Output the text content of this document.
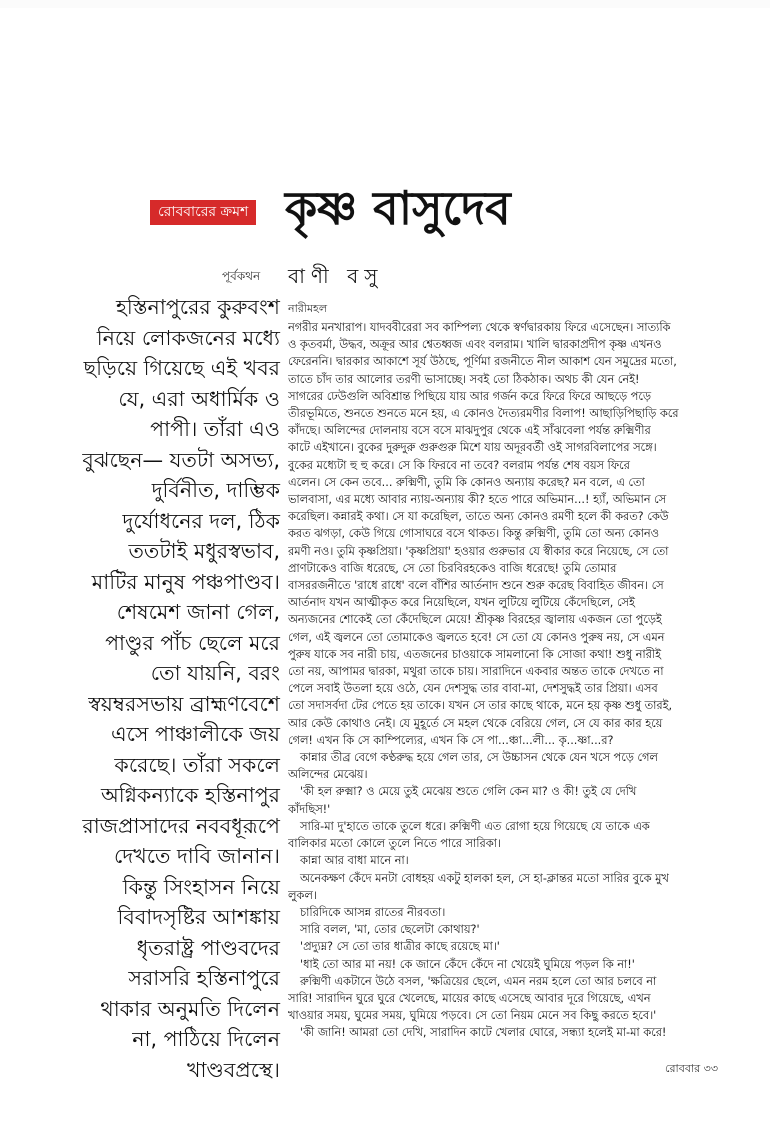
রোববারের ক্রমশ কৃষ্ণ বাসুদেব
পূর্বকথন বাণী বসু
নারীমহল

হস্তিনাপুরের কুরুবংশ

নিয়ে লোকজনের মধ্যে

ছড়িয়ে গিয়েছে এই খবর

যে, এরা অধার্মিক ও

পাপী। তাঁরা এও

বুঝছেন— যতটা অসভ্য,

দুর্বিনীত, দাম্ভিক

দুর্যোধনের দল, ঠিক

ততটাই মধুরস্বভাব,

মাটির মানুষ পঞ্চপাণ্ডব।

শেষমেশ জানা গেল,

পাণ্ডুর পাঁচ ছেলে মরে

তো যায়নি, বরং

স্বয়ম্বরসভায় ব্রাহ্মণবেশে

এসে পাঞ্চালীকে জয়

করেছে। তাঁরা সকলে

অগ্নিকন্যাকে হস্তিনাপুর

রাজপ্রাসাদের নববধূরূপে

দেখতে দাবি জানান।

কিন্তু সিংহাসন নিয়ে

বিবাদসৃষ্টির আশঙ্কায়

ধৃতরাষ্ট্র পাণ্ডবদের

সরাসরি হস্তিনাপুরে

থাকার অনুমতি দিলেন

না, পাঠিয়ে দিলেন

খাণ্ডবপ্রস্থে।

নগরীর মনখারাপ। যাদববীরেরা সব কাম্পিল্য থেকে স্বর্ণদ্বারকায় ফিরে এসেছেন। সাত্যকি

ও কৃতবর্মা, উদ্ধব, অক্রূর আর শ্বেতধ্বজ এবং বলরাম। খালি দ্বারকাপ্রদীপ কৃষ্ণ এখনও

ফেরেননি। দ্বারকার আকাশে সূর্য উঠছে, পূর্ণিমা রজনীতে নীল আকাশ যেন সমুদ্রের মতো,

তাতে চাঁদ তার আলোর তরণী ভাসাচ্ছে। সবই তো ঠিকঠাক। অথচ কী যেন নেই!

সাগরের ঢেউগুলি অবিশ্রান্ত পিছিয়ে যায় আর গর্জন করে ফিরে ফিরে আছড়ে পড়ে

তীরভূমিতে, শুনতে শুনতে মনে হয়, এ কোনও দৈত্যরমণীর বিলাপ! আছাড়িপিছাড়ি করে

কাঁদছে। অলিন্দের দোলনায় বসে বসে মাঝদুপুর থেকে এই সাঁঝবেলা পর্যন্ত রুক্মিণীর

কাটে এইখানে। বুকের দুরুদুরু গুরুগুরু মিশে যায় অদূরবর্তী ওই সাগরবিলাপের সঙ্গে।

বুকের মধ্যেটা হু হু করে। সে কি ফিরবে না তবে? বলরাম পর্যন্ত শেষ বয়স ফিরে

এলেন। সে কেন তবে... রুক্মিণী, তুমি কি কোনও অন্যায় করেছ? মন বলে, এ তো

ভালবাসা, এর মধ্যে আবার ন্যায়-অন্যায় কী? হতে পারে অভিমান...! হ্যাঁ, অভিমান সে

করেছিল। কন্নারই কথা। সে যা করেছিল, তাতে অন্য কোনও রমণী হলে কী করত? কেউ

করত ঝগড়া, কেউ গিয়ে গোসাঘরে বসে থাকত। কিন্তু রুক্মিণী, তুমি তো অন্য কোনও

রমণী নও। তুমি কৃষ্ণপ্রিয়া। 'কৃষ্ণপ্রিয়া' হওয়ার গুরুভার যে স্বীকার করে নিয়েছে, সে তো

প্রাণটাকেও বাজি ধরেছে, সে তো চিরবিরহকেও বাজি ধরেছে! তুমি তোমার

বাসররজনীতে 'রাধে রাধে' বলে বাঁশির আর্তনাদ শুনে শুরু করেছ বিবাহিত জীবন। সে

আর্তনাদ যখন আত্মীকৃত করে নিয়েছিলে, যখন লুটিয়ে লুটিয়ে কেঁদেছিলে, সেই

অন্যজনের শোকেই তো কেঁদেছিলে মেয়ে! শ্রীকৃষ্ণ বিরহের জ্বালায় একজন তো পুড়েই

গেল, এই জ্বলনে তো তোমাকেও জ্বলতে হবে! সে তো যে কোনও পুরুষ নয়, সে এমন

পুরুষ যাকে সব নারী চায়, এতজনের চাওয়াকে সামলানো কি সোজা কথা! শুধু নারীই

তো নয়, আপামর দ্বারকা, মথুরা তাকে চায়। সারাদিনে একবার অন্তত তাকে দেখতে না

পেলে সবাই উতলা হয়ে ওঠে, যেন দেশসুদ্ধ তার বাবা-মা, দেশসুদ্ধই তার প্রিয়া। এসব

তো সদাসর্বদা টের পেতে হয় তাকে। যখন সে তার কাছে থাকে, মনে হয় কৃষ্ণ শুধু তারই,

আর কেউ কোথাও নেই। যে মুহূর্তে সে মহল থেকে বেরিয়ে গেল, সে যে কার কার হয়ে

গেল! এখন কি সে কাম্পিল্যের, এখন কি সে পা...ঞ্চা...লী... কৃ...ষ্ণা...র?

কান্নার তীব্র বেগে কণ্ঠরুদ্ধ হয়ে গেল তার, সে উচ্চাসন থেকে যেন খসে পড়ে গেল

অলিন্দের মেঝেয়।

'কী হল রুক্মা? ও মেয়ে তুই মেঝেয় শুতে গেলি কেন মা? ও কী! তুই যে দেখি

কাঁদছিস!'

সারি-মা দু'হাতে তাকে তুলে ধরে। রুক্মিণী এত রোগা হয়ে গিয়েছে যে তাকে এক

বালিকার মতো কোলে তুলে নিতে পারে সারিকা।

কান্না আর বাধা মানে না।

অনেকক্ষণ কেঁদে মনটা বোধহয় একটু হালকা হল, সে হা-ক্লান্তর মতো সারির বুকে মুখ

লুকল।

চারিদিকে আসন্ন রাতের নীরবতা।

সারি বলল, 'মা, তোর ছেলেটা কোথায়?'

'প্রদ্যুম্ন? সে তো তার ধাত্রীর কাছে রয়েছে মা।'

'ধাই তো আর মা নয়! কে জানে কেঁদে কেঁদে না খেয়েই ঘুমিয়ে পড়ল কি না!'

রুক্মিণী একটানে উঠে বসল, 'ক্ষত্রিয়ের ছেলে, এমন নরম হলে তো আর চলবে না

সারি! সারাদিন ঘুরে ঘুরে খেলেছে, মায়ের কাছে এসেছে আবার দূরে গিয়েছে, এখন

খাওয়ার সময়, ঘুমের সময়, ঘুমিয়ে পড়বে। সে তো নিয়ম মেনে সব কিছু করতে হবে।'

'কী জানি! আমরা তো দেখি, সারাদিন কাটে খেলার ঘোরে, সন্ধ্যা হলেই মা-মা করে!

রোববার ৩৩
